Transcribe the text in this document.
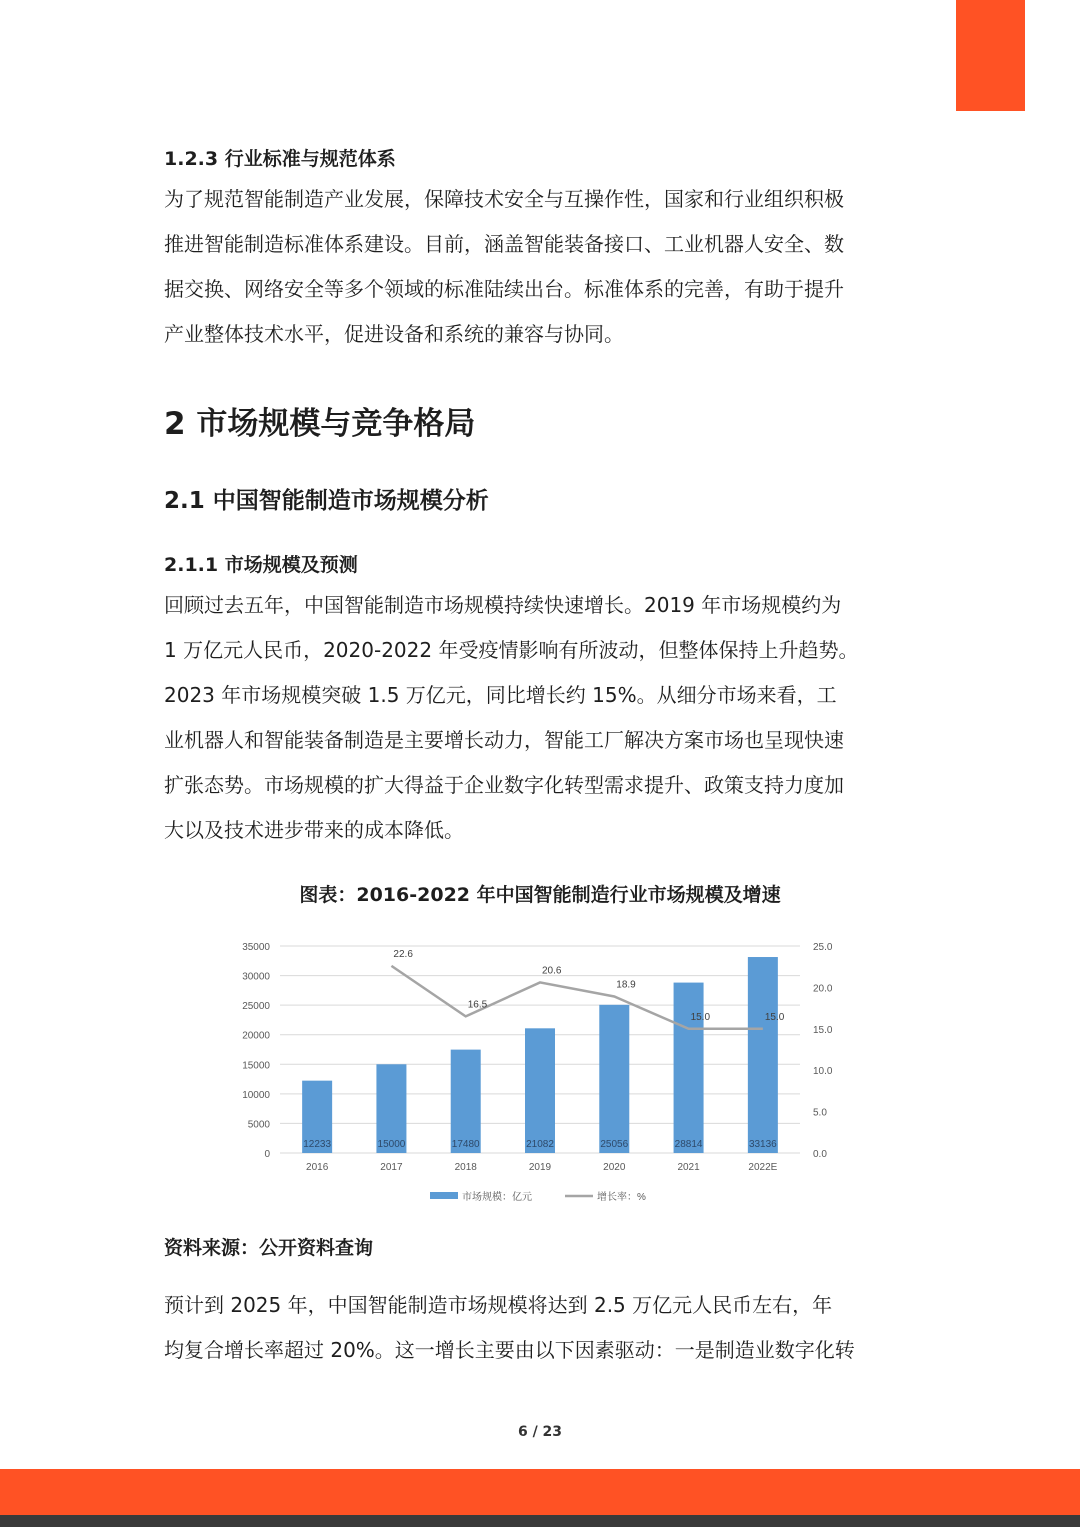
1.2.3 行业标准与规范体系

为了规范智能制造产业发展，保障技术安全与互操作性，国家和行业组织积极
推进智能制造标准体系建设。目前，涵盖智能装备接口、工业机器人安全、数
据交换、网络安全等多个领域的标准陆续出台。标准体系的完善，有助于提升
产业整体技术水平，促进设备和系统的兼容与协同。

2 市场规模与竞争格局
2.1 中国智能制造市场规模分析
2.1.1 市场规模及预测

回顾过去五年，中国智能制造市场规模持续快速增长。2019 年市场规模约为
1 万亿元人民币，2020-2022 年受疫情影响有所波动，但整体保持上升趋势。
2023 年市场规模突破 1.5 万亿元，同比增长约 15%。从细分市场来看，工
业机器人和智能装备制造是主要增长动力，智能工厂解决方案市场也呈现快速
扩张态势。市场规模的扩大得益于企业数字化转型需求提升、政策支持力度加
大以及技术进步带来的成本降低。

图表：2016-2022 年中国智能制造行业市场规模及增速
0
5000
10000
15000
20000
25000
30000
35000
0.0
5.0
10.0
15.0
20.0
25.0
12233
2016
15000
2017
17480
2018
21082
2019
25056
2020
28814
2021
33136
2022E
22.6
16.5
20.6
18.9
15.0	15.0
市场规模：亿元	增长率：%
资料来源：公开资料查询

预计到 2025 年，中国智能制造市场规模将达到 2.5 万亿元人民币左右，年
均复合增长率超过 20%。这一增长主要由以下因素驱动：一是制造业数字化转

6 / 23
